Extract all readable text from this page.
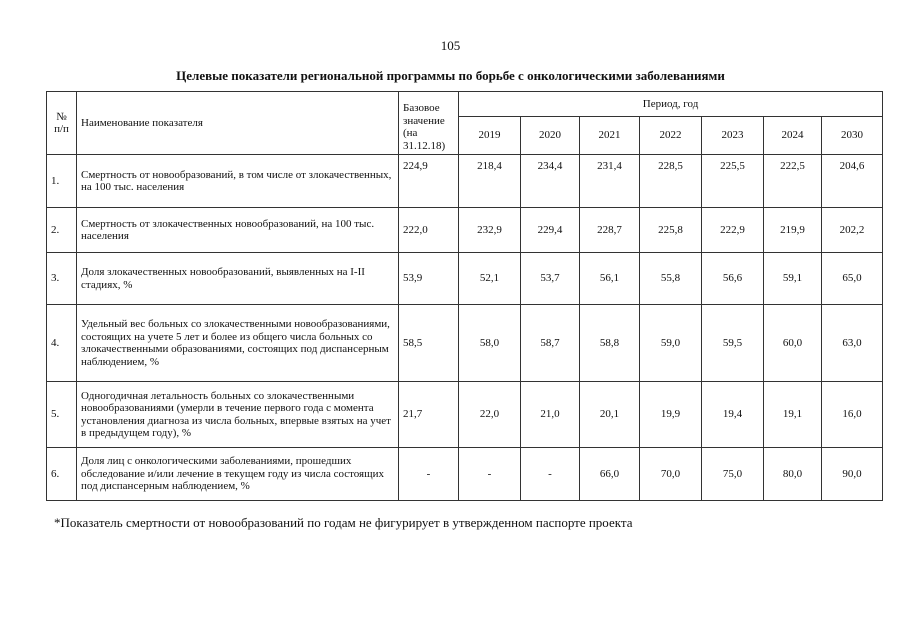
105
Целевые показатели региональной программы по борьбе с онкологическими заболеваниями
№ п/п	Наименование показателя	Базовое значение (на 31.12.18)	Период, год						
			2019	2020	2021	2022	2023	2024	2030
1.	Смертность от новообразований, в том числе от злокачественных, на 100 тыс. населения	224,9	218,4	234,4	231,4	228,5	225,5	222,5	204,6
2.	Смертность от злокачественных новообразований, на 100 тыс. населения	222,0	232,9	229,4	228,7	225,8	222,9	219,9	202,2
3.	Доля злокачественных новообразований, выявленных на I-II стадиях, %	53,9	52,1	53,7	56,1	55,8	56,6	59,1	65,0
4.	Удельный вес больных со злокачественными новообразованиями, состоящих на учете 5 лет и более из общего числа больных со злокачественными образованиями, состоящих под диспансерным наблюдением, %	58,5	58,0	58,7	58,8	59,0	59,5	60,0	63,0
5.	Одногодичная летальность больных со злокачественными новообразованиями (умерли в течение первого года с момента установления диагноза из числа больных, впервые взятых на учет в предыдущем году), %	21,7	22,0	21,0	20,1	19,9	19,4	19,1	16,0
6.	Доля лиц с онкологическими заболеваниями, прошедших обследование и/или лечение в текущем году из числа состоящих под диспансерным наблюдением, %	-	-	-	66,0	70,0	75,0	80,0	90,0
*Показатель смертности от новообразований по годам не фигурирует в утвержденном паспорте проекта
